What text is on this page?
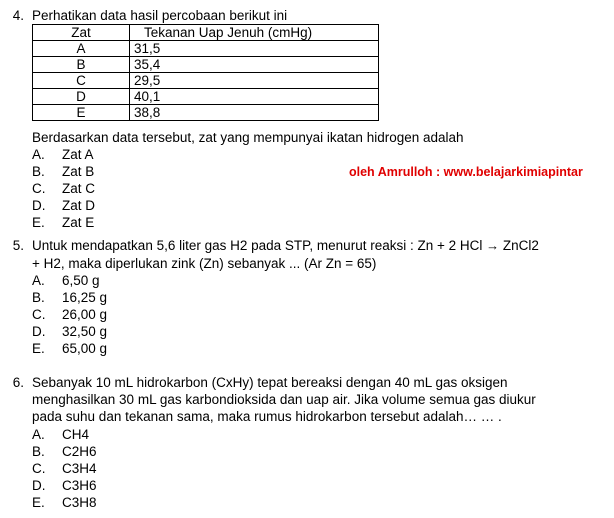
4. Perhatikan data hasil percobaan berikut ini
Zat	Tekanan Uap Jenuh (cmHg)
A	31,5
B	35,4
C	29,5
D	40,1
E	38,8
Berdasarkan data tersebut, zat yang mempunyai ikatan hidrogen adalah
A. Zat A
B. Zat B
C. Zat C
D. Zat D
E. Zat E
oleh Amrulloh : www.belajarkimiapintar
5. Untuk mendapatkan 5,6 liter gas H2 pada STP, menurut reaksi : Zn + 2 HCl → ZnCl2
+ H2, maka diperlukan zink (Zn) sebanyak ... (Ar Zn = 65)
A. 6,50 g
B. 16,25 g
C. 26,00 g
D. 32,50 g
E. 65,00 g
6. Sebanyak 10 mL hidrokarbon (CxHy) tepat bereaksi dengan 40 mL gas oksigen
menghasilkan 30 mL gas karbondioksida dan uap air. Jika volume semua gas diukur
pada suhu dan tekanan sama, maka rumus hidrokarbon tersebut adalah… … .
A. CH4
B. C2H6
C. C3H4
D. C3H6
E. C3H8
